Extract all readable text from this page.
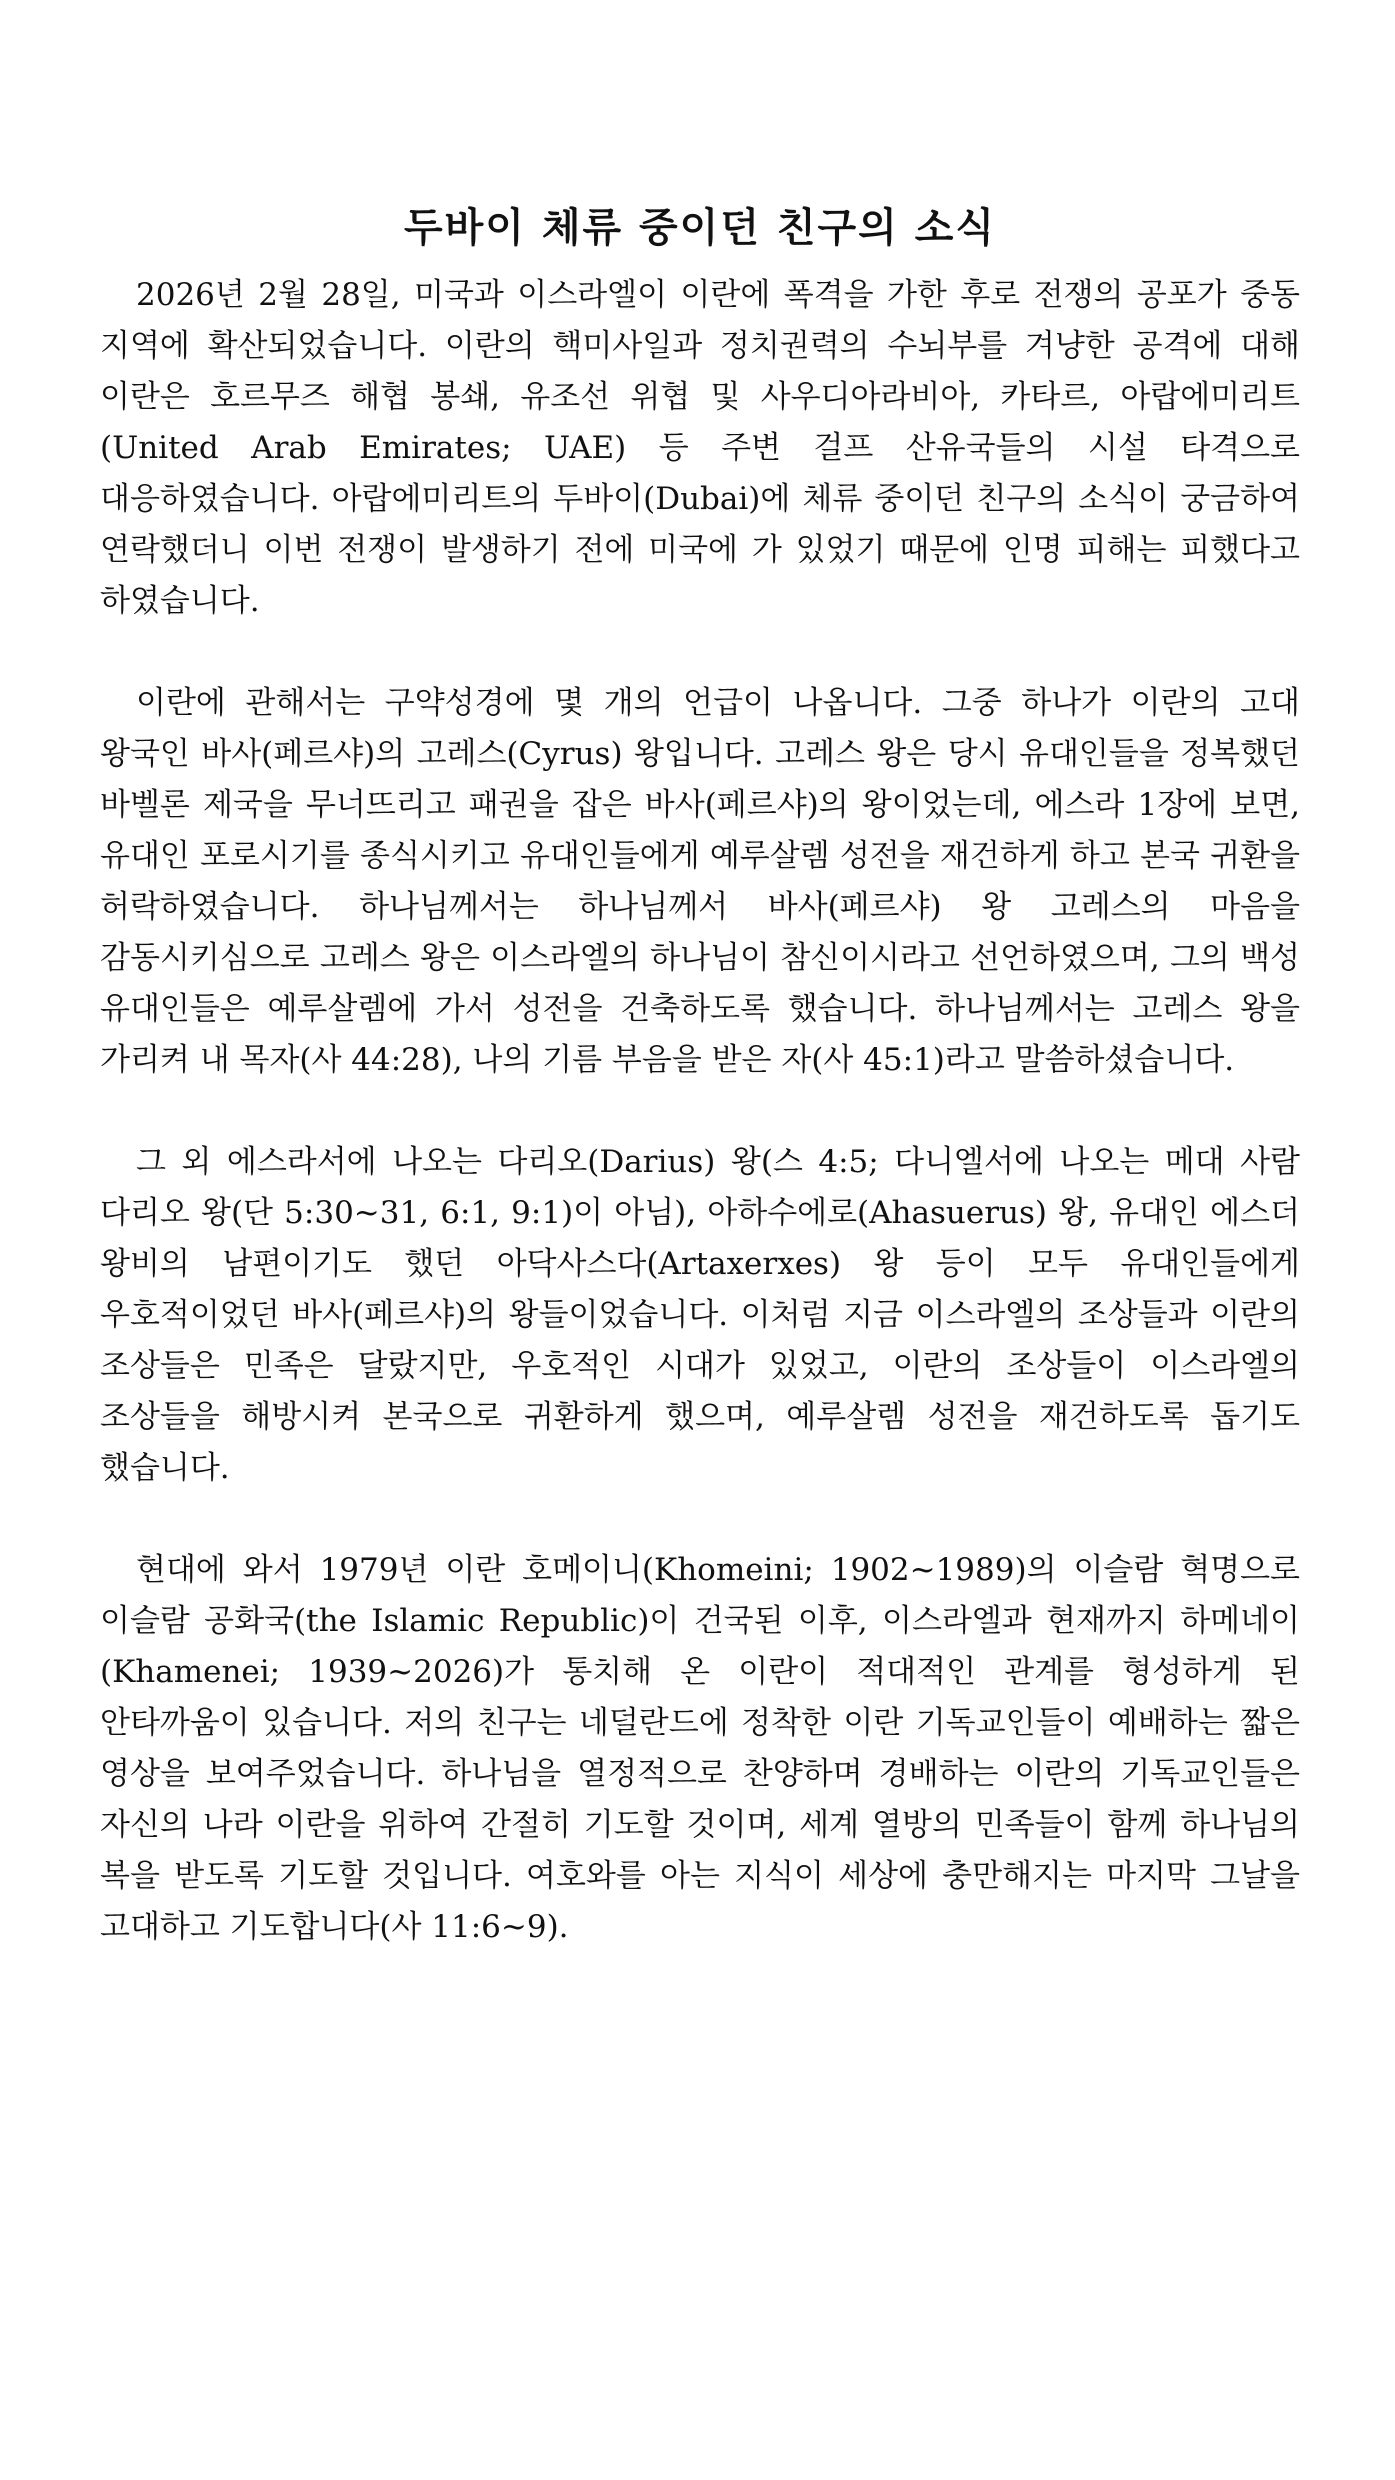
두바이 체류 중이던 친구의 소식

2026년 2월 28일, 미국과 이스라엘이 이란에 폭격을 가한 후로 전쟁의 공포가 중동 지역에 확산되었습니다. 이란의 핵미사일과 정치권력의 수뇌부를 겨냥한 공격에 대해 이란은 호르무즈 해협 봉쇄, 유조선 위협 및 사우디아라비아, 카타르, 아랍에미리트(United Arab Emirates; UAE) 등 주변 걸프 산유국들의 시설 타격으로 대응하였습니다. 아랍에미리트의 두바이(Dubai)에 체류 중이던 친구의 소식이 궁금하여 연락했더니 이번 전쟁이 발생하기 전에 미국에 가 있었기 때문에 인명 피해는 피했다고 하였습니다.

이란에 관해서는 구약성경에 몇 개의 언급이 나옵니다. 그중 하나가 이란의 고대 왕국인 바사(페르샤)의 고레스(Cyrus) 왕입니다. 고레스 왕은 당시 유대인들을 정복했던 바벨론 제국을 무너뜨리고 패권을 잡은 바사(페르샤)의 왕이었는데, 에스라 1장에 보면, 유대인 포로시기를 종식시키고 유대인들에게 예루살렘 성전을 재건하게 하고 본국 귀환을 허락하였습니다. 하나님께서는 하나님께서 바사(페르샤) 왕 고레스의 마음을 감동시키심으로 고레스 왕은 이스라엘의 하나님이 참신이시라고 선언하였으며, 그의 백성 유대인들은 예루살렘에 가서 성전을 건축하도록 했습니다. 하나님께서는 고레스 왕을 가리켜 내 목자(사 44:28), 나의 기름 부음을 받은 자(사 45:1)라고 말씀하셨습니다.

그 외 에스라서에 나오는 다리오(Darius) 왕(스 4:5; 다니엘서에 나오는 메대 사람 다리오 왕(단 5:30~31, 6:1, 9:1)이 아님), 아하수에로(Ahasuerus) 왕, 유대인 에스더 왕비의 남편이기도 했던 아닥사스다(Artaxerxes) 왕 등이 모두 유대인들에게 우호적이었던 바사(페르샤)의 왕들이었습니다. 이처럼 지금 이스라엘의 조상들과 이란의 조상들은 민족은 달랐지만, 우호적인 시대가 있었고, 이란의 조상들이 이스라엘의 조상들을 해방시켜 본국으로 귀환하게 했으며, 예루살렘 성전을 재건하도록 돕기도 했습니다.

현대에 와서 1979년 이란 호메이니(Khomeini; 1902~1989)의 이슬람 혁명으로 이슬람 공화국(the Islamic Republic)이 건국된 이후, 이스라엘과 현재까지 하메네이(Khamenei; 1939~2026)가 통치해 온 이란이 적대적인 관계를 형성하게 된 안타까움이 있습니다. 저의 친구는 네덜란드에 정착한 이란 기독교인들이 예배하는 짧은 영상을 보여주었습니다. 하나님을 열정적으로 찬양하며 경배하는 이란의 기독교인들은 자신의 나라 이란을 위하여 간절히 기도할 것이며, 세계 열방의 민족들이 함께 하나님의 복을 받도록 기도할 것입니다. 여호와를 아는 지식이 세상에 충만해지는 마지막 그날을 고대하고 기도합니다(사 11:6~9).
